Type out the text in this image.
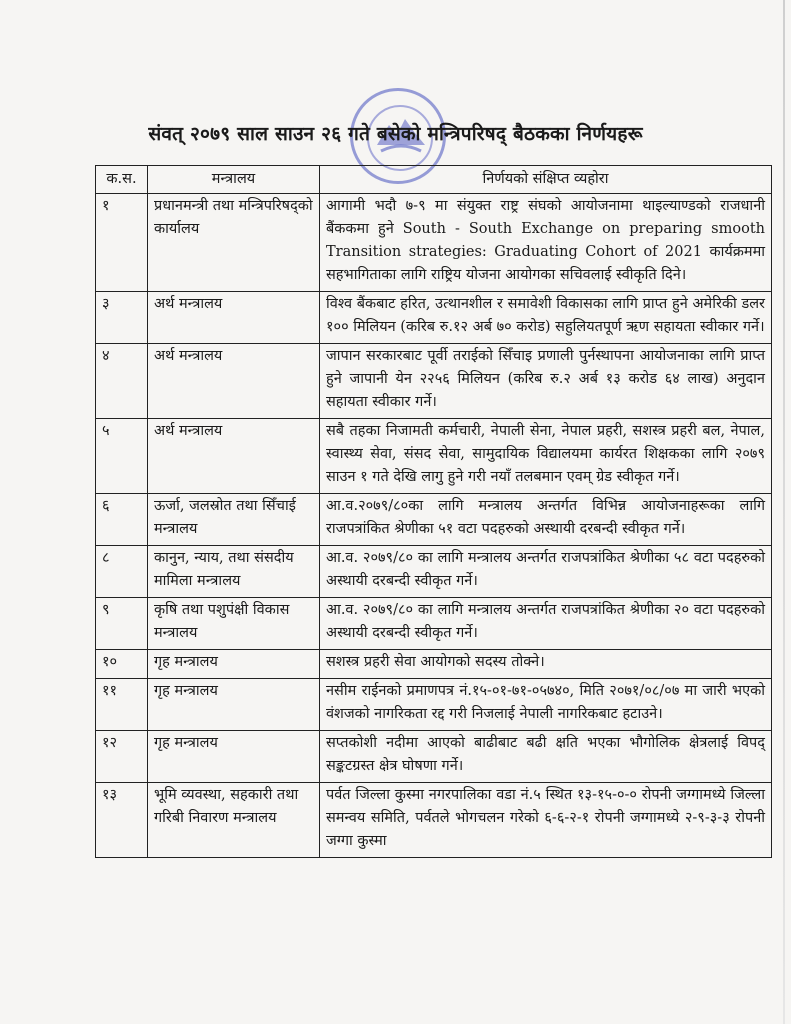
संवत् २०७९ साल साउन २६ गते बसेको मन्त्रिपरिषद् बैठकका निर्णयहरू
क.स.	मन्त्रालय	निर्णयको संक्षिप्त व्यहोरा
१	प्रधानमन्त्री तथा मन्त्रिपरिषद्को कार्यालय	आगामी भदौ ७-९ मा संयुक्त राष्ट्र संघको आयोजनामा थाइल्याण्डको राजधानी बैंककमा हुने South - South Exchange on preparing smooth Transition strategies: Graduating Cohort of 2021 कार्यक्रममा सहभागिताका लागि राष्ट्रिय योजना आयोगका सचिवलाई स्वीकृति दिने।
३	अर्थ मन्त्रालय	विश्व बैंकबाट हरित, उत्थानशील र समावेशी विकासका लागि प्राप्त हुने अमेरिकी डलर १०० मिलियन (करिब रु.१२ अर्ब ७० करोड) सहुलियतपूर्ण ऋण सहायता स्वीकार गर्ने।
४	अर्थ मन्त्रालय	जापान सरकारबाट पूर्वी तराईको सिँचाइ प्रणाली पुर्नस्थापना आयोजनाका लागि प्राप्त हुने जापानी येन २२५६ मिलियन (करिब रु.२ अर्ब १३ करोड ६४ लाख) अनुदान सहायता स्वीकार गर्ने।
५	अर्थ मन्त्रालय	सबै तहका निजामती कर्मचारी, नेपाली सेना, नेपाल प्रहरी, सशस्त्र प्रहरी बल, नेपाल, स्वास्थ्य सेवा, संसद सेवा, सामुदायिक विद्यालयमा कार्यरत शिक्षकका लागि २०७९ साउन १ गते देखि लागु हुने गरी नयाँ तलबमान एवम् ग्रेड स्वीकृत गर्ने।
६	ऊर्जा, जलस्रोत तथा सिँचाई मन्त्रालय	आ.व.२०७९/८०का लागि मन्त्रालय अन्तर्गत विभिन्न आयोजनाहरूका लागि राजपत्रांकित श्रेणीका ५१ वटा पदहरुको अस्थायी दरबन्दी स्वीकृत गर्ने।
८	कानुन, न्याय, तथा संसदीय मामिला मन्त्रालय	आ.व. २०७९/८० का लागि मन्त्रालय अन्तर्गत राजपत्रांकित श्रेणीका ५८ वटा पदहरुको अस्थायी दरबन्दी स्वीकृत गर्ने।
९	कृषि तथा पशुपंक्षी विकास मन्त्रालय	आ.व. २०७९/८० का लागि मन्त्रालय अन्तर्गत राजपत्रांकित श्रेणीका २० वटा पदहरुको अस्थायी दरबन्दी स्वीकृत गर्ने।
१०	गृह मन्त्रालय	सशस्त्र प्रहरी सेवा आयोगको सदस्य तोक्ने।
११	गृह मन्त्रालय	नसीम राईनको प्रमाणपत्र नं.१५-०१-७१-०५७४०, मिति २०७१/०८/०७ मा जारी भएको वंशजको नागरिकता रद्द गरी निजलाई नेपाली नागरिकबाट हटाउने।
१२	गृह मन्त्रालय	सप्तकोशी नदीमा आएको बाढीबाट बढी क्षति भएका भौगोलिक क्षेत्रलाई विपद् सङ्कटग्रस्त क्षेत्र घोषणा गर्ने।
१३	भूमि व्यवस्था, सहकारी तथा गरिबी निवारण मन्त्रालय	पर्वत जिल्ला कुस्मा नगरपालिका वडा नं.५ स्थित १३-१५-०-० रोपनी जग्गामध्ये जिल्ला समन्वय समिति, पर्वतले भोगचलन गरेको ६-६-२-१ रोपनी जग्गामध्ये २-९-३-३ रोपनी जग्गा कुस्मा
